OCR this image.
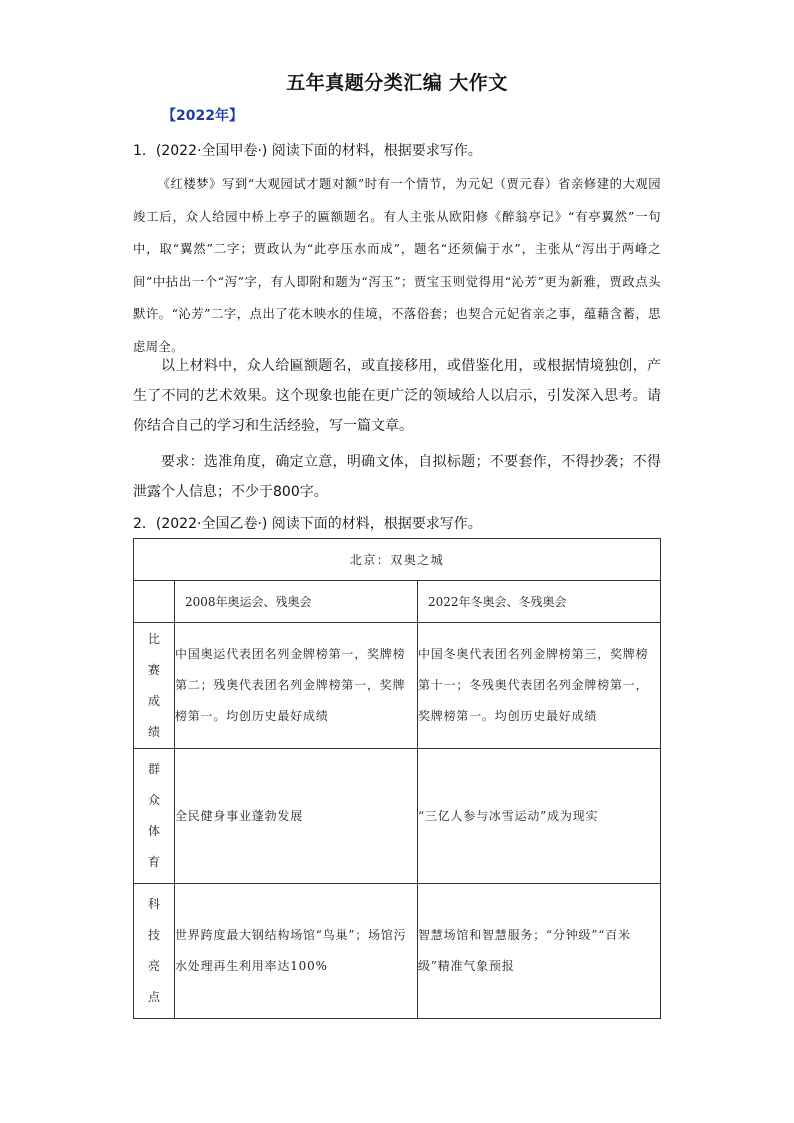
五年真题分类汇编 大作文
【2022年】
1．(2022·全国甲卷·) 阅读下面的材料，根据要求写作。

《红楼梦》写到“大观园试才题对额”时有一个情节，为元妃（贾元春）省亲修建的大观园竣工后，众人给园中桥上亭子的匾额题名。有人主张从欧阳修《醉翁亭记》“有亭翼然”一句中，取“翼然”二字；贾政认为“此亭压水而成”，题名“还须偏于水”，主张从“泻出于两峰之间”中拈出一个“泻”字，有人即附和题为“泻玉”；贾宝玉则觉得用“沁芳”更为新雅，贾政点头默许。“沁芳”二字，点出了花木映水的佳境，不落俗套；也契合元妃省亲之事，蕴藉含蓄，思虑周全。

以上材料中，众人给匾额题名，或直接移用，或借鉴化用，或根据情境独创，产生了不同的艺术效果。这个现象也能在更广泛的领域给人以启示，引发深入思考。请你结合自己的学习和生活经验，写一篇文章。

要求：选准角度，确定立意，明确文体，自拟标题；不要套作，不得抄袭；不得泄露个人信息；不少于800字。

2．(2022·全国乙卷·) 阅读下面的材料，根据要求写作。
北京：双奥之城		
	2008年奥运会、残奥会	2022年冬奥会、冬残奥会

比
赛
成
绩	中国奥运代表团名列金牌榜第一，奖牌榜第二；残奥代表团名列金牌榜第一，奖牌榜第一。均创历史最好成绩	中国冬奥代表团名列金牌榜第三，奖牌榜第十一；冬残奥代表团名列金牌榜第一，奖牌榜第一。均创历史最好成绩

群
众
体
育	全民健身事业蓬勃发展	“三亿人参与冰雪运动”成为现实

科
技
亮
点	世界跨度最大钢结构场馆“鸟巢”；场馆污水处理再生利用率达100%	智慧场馆和智慧服务；“分钟级”“百米级”精准气象预报
